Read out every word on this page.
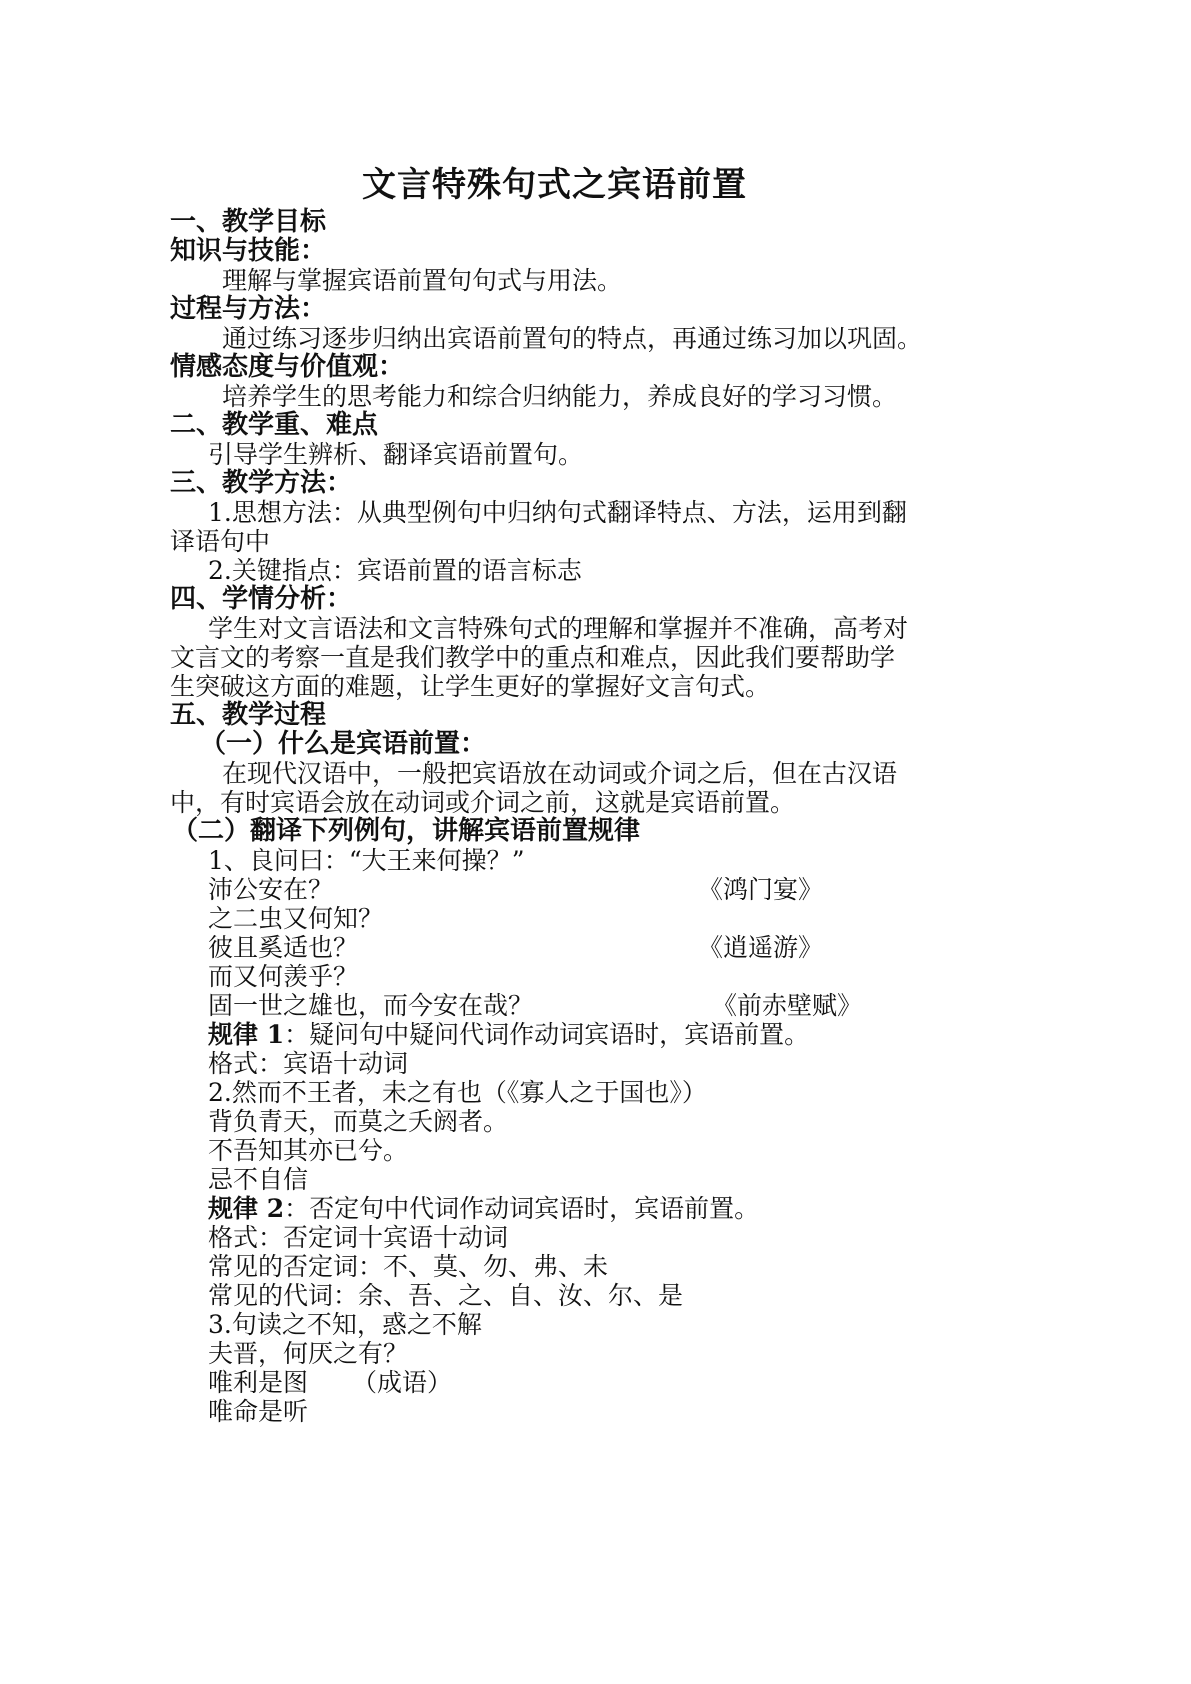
文言特殊句式之宾语前置
一、教学目标
知识与技能：
理解与掌握宾语前置句句式与用法。
过程与方法：
通过练习逐步归纳出宾语前置句的特点，再通过练习加以巩固。
情感态度与价值观：
培养学生的思考能力和综合归纳能力，养成良好的学习习惯。
二、教学重、难点
引导学生辨析、翻译宾语前置句。
三、教学方法：
1.思想方法：从典型例句中归纳句式翻译特点、方法，运用到翻
译语句中
2.关键指点：宾语前置的语言标志
四、学情分析：
学生对文言语法和文言特殊句式的理解和掌握并不准确，高考对
文言文的考察一直是我们教学中的重点和难点，因此我们要帮助学
生突破这方面的难题，让学生更好的掌握好文言句式。
五、教学过程
（一）什么是宾语前置：
在现代汉语中，一般把宾语放在动词或介词之后，但在古汉语
中，有时宾语会放在动词或介词之前，这就是宾语前置。
（二）翻译下列例句，讲解宾语前置规律
1、良问曰：“大王来何操？”
沛公安在？	《鸿门宴》
之二虫又何知？
彼且奚适也？	《逍遥游》
而又何羡乎？
固一世之雄也，而今安在哉？	《前赤壁赋》
规律 1：疑问句中疑问代词作动词宾语时，宾语前置。
格式：宾语十动词
2.然而不王者，未之有也（《寡人之于国也》）
背负青天，而莫之夭阏者。
不吾知其亦已兮。
忌不自信
规律 2：否定句中代词作动词宾语时，宾语前置。
格式：否定词十宾语十动词
常见的否定词：不、莫、勿、弗、未
常见的代词：余、吾、之、自、汝、尔、是
3.句读之不知，惑之不解
夫晋，何厌之有？
唯利是图 （成语）
唯命是听
